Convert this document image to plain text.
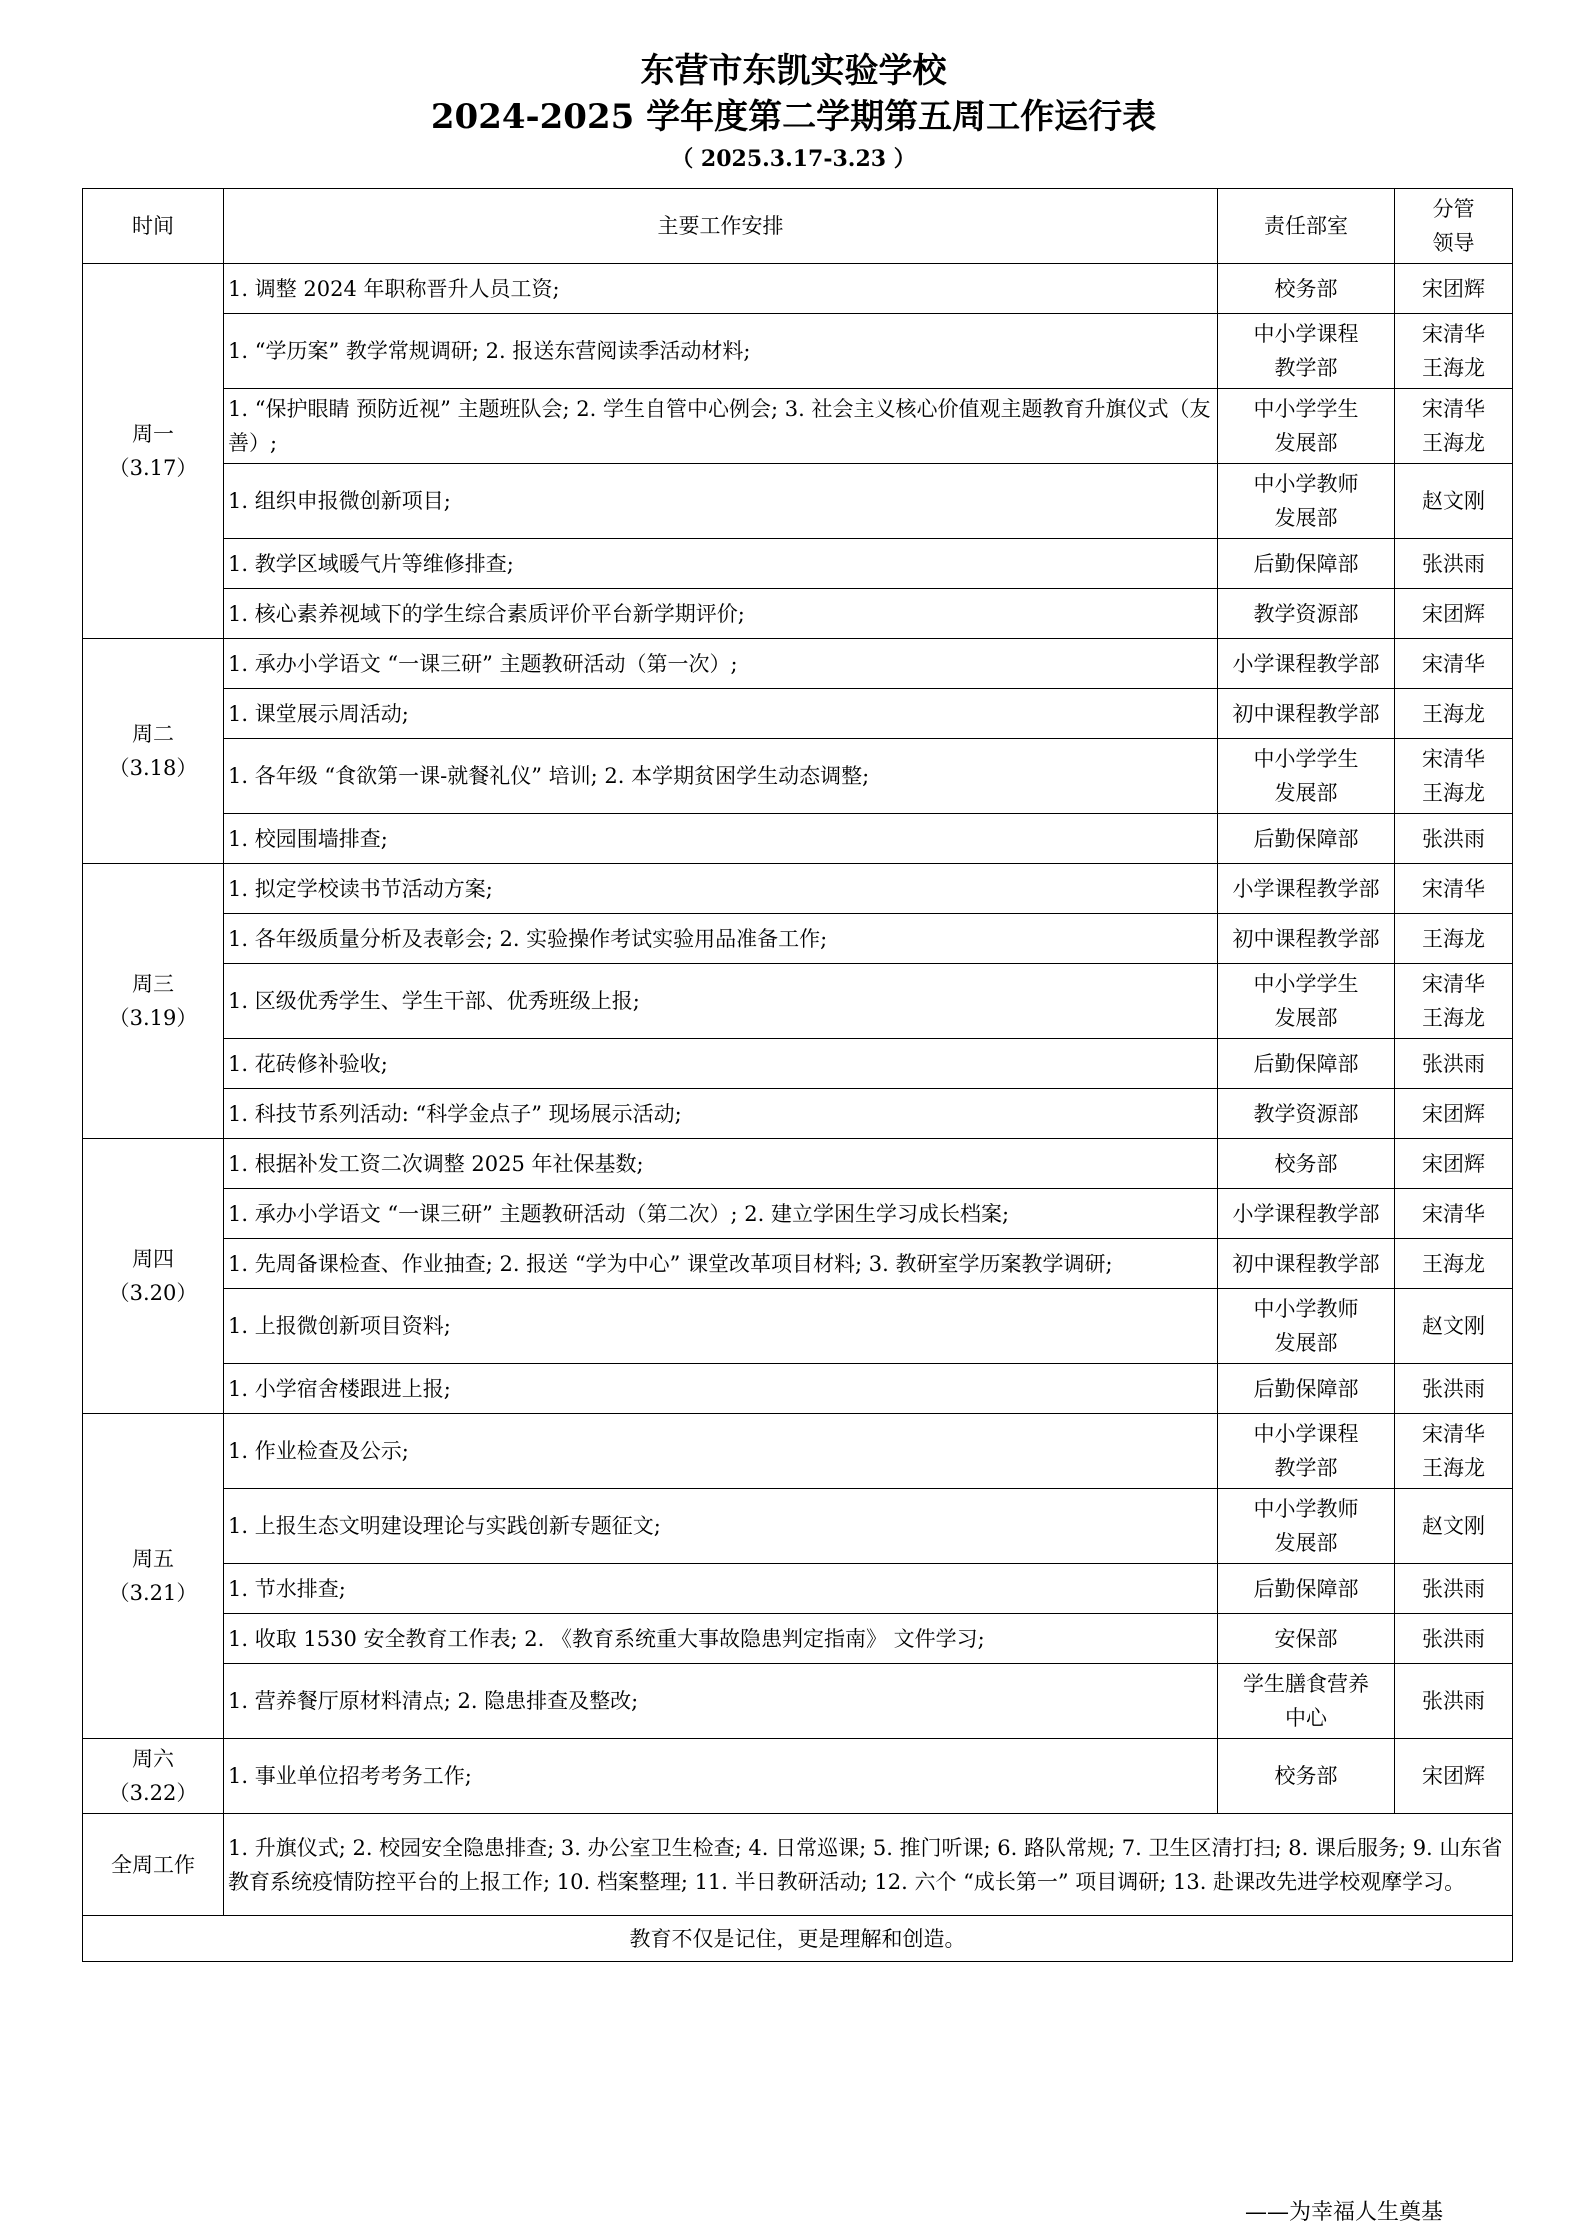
东营市东凯实验学校
2024-2025 学年度第二学期第五周工作运行表
（ 2025.3.17-3.23 ）
时间	主要工作安排	责任部室	分管
领导

周一
（3.17）	1. 调整 2024 年职称晋升人员工资;	校务部	宋团辉

	1. “学历案” 教学常规调研; 2. 报送东营阅读季活动材料;	中小学课程
教学部	宋清华
王海龙

	1. “保护眼睛 预防近视” 主题班队会; 2. 学生自管中心例会; 3. 社会主义核心价值观主题教育升旗仪式（友善）;	中小学学生
发展部	宋清华
王海龙

	1. 组织申报微创新项目;	中小学教师
发展部	赵文刚

	1. 教学区域暖气片等维修排查;	后勤保障部	张洪雨

	1. 核心素养视域下的学生综合素质评价平台新学期评价;	教学资源部	宋团辉

周二
（3.18）	1. 承办小学语文 “一课三研” 主题教研活动（第一次）;	小学课程教学部	宋清华

	1. 课堂展示周活动;	初中课程教学部	王海龙

	1. 各年级 “食欲第一课-就餐礼仪” 培训; 2. 本学期贫困学生动态调整;	中小学学生
发展部	宋清华
王海龙

	1. 校园围墙排查;	后勤保障部	张洪雨

周三
（3.19）	1. 拟定学校读书节活动方案;	小学课程教学部	宋清华

	1. 各年级质量分析及表彰会; 2. 实验操作考试实验用品准备工作;	初中课程教学部	王海龙

	1. 区级优秀学生、学生干部、优秀班级上报;	中小学学生
发展部	宋清华
王海龙

	1. 花砖修补验收;	后勤保障部	张洪雨

	1. 科技节系列活动: “科学金点子” 现场展示活动;	教学资源部	宋团辉

周四
（3.20）	1. 根据补发工资二次调整 2025 年社保基数;	校务部	宋团辉

	1. 承办小学语文 “一课三研” 主题教研活动（第二次）; 2. 建立学困生学习成长档案;	小学课程教学部	宋清华

	1. 先周备课检查、作业抽查; 2. 报送 “学为中心” 课堂改革项目材料; 3. 教研室学历案教学调研;	初中课程教学部	王海龙

	1. 上报微创新项目资料;	中小学教师
发展部	赵文刚

	1. 小学宿舍楼跟进上报;	后勤保障部	张洪雨

周五
（3.21）	1. 作业检查及公示;	中小学课程
教学部	宋清华
王海龙

	1. 上报生态文明建设理论与实践创新专题征文;	中小学教师
发展部	赵文刚

	1. 节水排查;	后勤保障部	张洪雨

	1. 收取 1530 安全教育工作表; 2. 《教育系统重大事故隐患判定指南》 文件学习;	安保部	张洪雨

	1. 营养餐厅原材料清点; 2. 隐患排查及整改;	学生膳食营养
中心	张洪雨

周六
（3.22）	1. 事业单位招考考务工作;	校务部	宋团辉

全周工作	1. 升旗仪式; 2. 校园安全隐患排查; 3. 办公室卫生检查; 4. 日常巡课; 5. 推门听课; 6. 路队常规; 7. 卫生区清打扫; 8. 课后服务; 9. 山东省教育系统疫情防控平台的上报工作; 10. 档案整理; 11. 半日教研活动; 12. 六个 “成长第一” 项目调研; 13. 赴课改先进学校观摩学习。		
教育不仅是记住，更是理解和创造。			
——为幸福人生奠基
